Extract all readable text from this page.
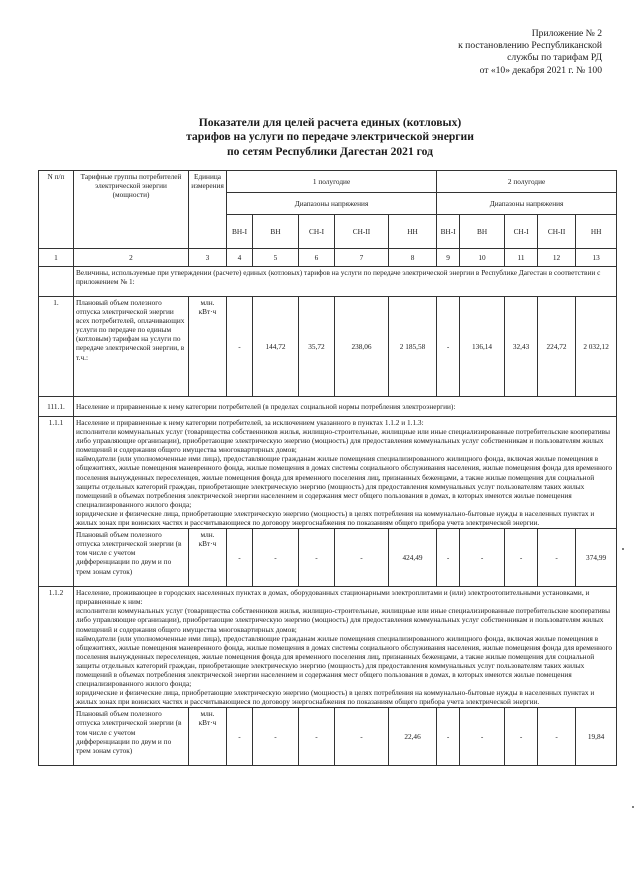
Приложение № 2
к постановлению Республиканской
службы по тарифам РД
от «10» декабря 2021 г. № 100
Показатели для целей расчета единых (котловых)
тарифов на услуги по передаче электрической энергии
по сетям Республики Дагестан 2021 год
N п/п	Тарифные группы потребителей электрической энергии (мощности)	Единица измерения	1 полугодие					2 полугодие				
			Диапазоны напряжения					Диапазоны напряжения				
			ВН-I	ВН	СН-I	СН-II	НН	ВН-I	ВН	СН-I	СН-II	НН
1	2	3	4	5	6	7	8	9	10	11	12	13
	Величины, используемые при утверждении (расчете) единых (котловых) тарифов на услуги по передаче электрической энергии в Республике Дагестан в соответствии с приложением № 1:											
1.	Плановый объем полезного отпуска электрической энергии всех потребителей, оплачивающих услуги по передаче по единым (котловым) тарифам на услуги по передаче электрической энергии, в т.ч.:	млн. кВт·ч	-	144,72	35,72	238,06	2 185,58	-	136,14	32,43	224,72	2 032,12
111.1.	Население и приравненные к нему категории потребителей (в пределах социальной нормы потребления электроэнергии):											
1.1.1	Население и приравненные к нему категории потребителей, за исключением указанного в пунктах 1.1.2 и 1.1.3:
исполнители коммунальных услуг (товарищества собственников жилья, жилищно-строительные, жилищные или иные специализированные потребительские кооперативы либо управляющие организации), приобретающие электрическую энергию (мощность) для предоставления коммунальных услуг собственникам и пользователям жилых помещений и содержания общего имущества многоквартирных домов;
наймодатели (или уполномоченные ими лица), предоставляющие гражданам жилые помещения специализированного жилищного фонда, включая жилые помещения в общежитиях, жилые помещения маневренного фонда, жилые помещения в домах системы социального обслуживания населения, жилые помещения фонда для временного поселения вынужденных переселенцев, жилые помещения фонда для временного поселения лиц, признанных беженцами, а также жилые помещения для социальной защиты отдельных категорий граждан, приобретающие электрическую энергию (мощность) для предоставления коммунальных услуг пользователям таких жилых помещений в объемах потребления электрической энергии населением и содержания мест общего пользования в домах, в которых имеются жилые помещения специализированного жилого фонда;
юридические и физические лица, приобретающие электрическую энергию (мощность) в целях потребления на коммунально-бытовые нужды в населенных пунктах и жилых зонах при воинских частях и рассчитывающиеся по договору энергоснабжения по показаниям общего прибора учета электрической энергии.											
	Плановый объем полезного отпуска электрической энергии (в том числе с учетом дифференциации по двум и по трем зонам суток)	млн. кВт·ч	-	-	-	-	424,49	-	-	-	-	374,99
1.1.2	Население, проживающее в городских населенных пунктах в домах, оборудованных стационарными электроплитами и (или) электроотопительными установками, и приравненные к ним:
исполнители коммунальных услуг (товарищества собственников жилья, жилищно-строительные, жилищные или иные специализированные потребительские кооперативы либо управляющие организации), приобретающие электрическую энергию (мощность) для предоставления коммунальных услуг собственникам и пользователям жилых помещений и содержания общего имущества многоквартирных домов;
наймодатели (или уполномоченные ими лица), предоставляющие гражданам жилые помещения специализированного жилищного фонда, включая жилые помещения в общежитиях, жилые помещения маневренного фонда, жилые помещения в домах системы социального обслуживания населения, жилые помещения фонда для временного поселения вынужденных переселенцев, жилые помещения фонда для временного поселения лиц, признанных беженцами, а также жилые помещения для социальной защиты отдельных категорий граждан, приобретающие электрическую энергию (мощность) для предоставления коммунальных услуг пользователям таких жилых помещений в объемах потребления электрической энергии населением и содержания мест общего пользования в домах, в которых имеются жилые помещения специализированного жилого фонда;
юридические и физические лица, приобретающие электрическую энергию (мощность) в целях потребления на коммунально-бытовые нужды в населенных пунктах и жилых зонах при воинских частях и рассчитывающиеся по договору энергоснабжения по показаниям общего прибора учета электрической энергии.											
	Плановый объем полезного отпуска электрической энергии (в том числе с учетом дифференциации по двум и по трем зонам суток)	млн. кВт·ч	-	-	-	-	22,46	-	-	-	-	19,84
